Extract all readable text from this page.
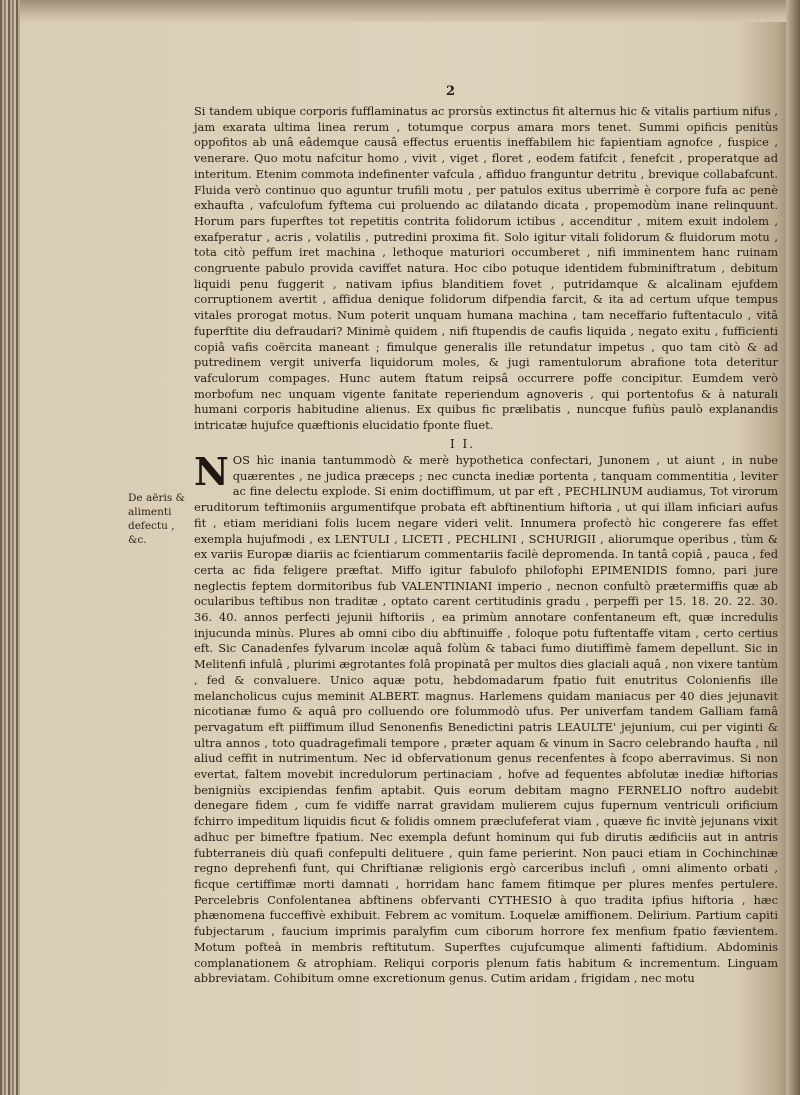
2

Si tandem ubique corporis fufflaminatus ac prorsùs extinctus fit alternus hic & vitalis partium nifus , jam exarata ultima linea rerum , totumque corpus amara mors tenet. Summi opificis penitùs oppofitos ab unâ eâdemque causâ effectus eruentis ineffabilem hic fapientiam agnofce , fuspice , venerare. Quo motu nafcitur homo , vivit , viget , floret , eodem fatifcit , fenefcit , properatque ad interitum. Etenim commota indefinenter vafcula , affiduo franguntur detritu , brevique collabafcunt. Fluida verò continuo quo aguntur trufili motu , per patulos exitus uberrimè è corpore fufa ac penè exhaufta , vafculofum fyftema cui proluendo ac dilatando dicata , propemodùm inane relinquunt. Horum pars fuperftes tot repetitis contrita folidorum ictibus , accenditur , mitem exuit indolem , exafperatur , acris , volatilis , putredini proxima fit. Solo igitur vitali folidorum & fluidorum motu , tota citò peffum iret machina , lethoque maturiori occumberet , nifi imminentem hanc ruinam congruente pabulo provida caviffet natura. Hoc cibo potuque identidem fubminiftratum , debitum liquidi penu fuggerit , nativam ipfius blanditiem fovet , putridamque & alcalinam ejufdem corruptionem avertit , affidua denique folidorum difpendia farcit, & ita ad certum ufque tempus vitales prorogat motus. Num poterit unquam humana machina , tam neceffario fuftentaculo , vitâ fuperftite diu defraudari? Minimè quidem , nifi ftupendis de caufis liquida , negato exitu , fufficienti copiâ vafis coërcita maneant ; fimulque generalis ille retundatur impetus , quo tam citò & ad putredinem vergit univerfa liquidorum moles, & jugi ramentulorum abrafione tota deteritur vafculorum compages. Hunc autem ftatum reipsâ occurrere poffe concipitur. Eumdem verò morbofum nec unquam vigente fanitate reperiendum agnoveris , qui portentofus & à naturali humani corporis habitudine alienus. Ex quibus fic prælibatis , nuncque fufiùs paulò explanandis intricatæ hujufce quæftionis elucidatio fponte fluet.

I I.
De aëris & alimenti defectu , &c.
N OS hìc inania tantummodò & merè hypothetica confectari, Junonem , ut aiunt , in nube quærentes , ne judica præceps ; nec cuncta inediæ portenta , tanquam commentitia , leviter ac fine delectu explode. Si enim doctiffimum, ut par eft , PECHLINUM audiamus, Tot virorum eruditorum teftimoniis argumentifque probata eft abftinentium hiftoria , ut qui illam inficiari aufus fit , etiam meridiani folis lucem negare videri velit. Innumera profectò hìc congerere fas effet exempla hujufmodi , ex LENTULI , LICETI , PECHLINI , SCHURIGII , aliorumque operibus , tùm & ex variis Europæ diariis ac fcientiarum commentariis facilè depromenda. In tantâ copiâ , pauca , fed certa ac fida feligere præftat. Miffo igitur fabulofo philofophi EPIMENIDIS fomno, pari jure neglectis feptem dormitoribus fub VALENTINIANI imperio , necnon confultò prætermiffis quæ ab ocularibus teftibus non traditæ , optato carent certitudinis gradu , perpeffi per 15. 18. 20. 22. 30. 36. 40. annos perfecti jejunii hiftoriis , ea primùm annotare confentaneum eft, quæ incredulis injucunda minùs. Plures ab omni cibo diu abftinuiffe , foloque potu fuftentaffe vitam , certo certius eft. Sic Canadenfes fylvarum incolæ aquâ folùm & tabaci fumo diutiffimè famem depellunt. Sic in Melitenfi infulâ , plurimi ægrotantes folâ propinatâ per multos dies glaciali aquâ , non vixere tantùm , fed & convaluere. Unico aquæ potu, hebdomadarum fpatio fuit enutritus Colonienfis ille melancholicus cujus meminit ALBERT. magnus. Harlemens quidam maniacus per 40 dies jejunavit nicotianæ fumo & aquâ pro colluendo ore folummodò ufus. Per univerfam tandem Galliam famâ pervagatum eft piiffimum illud Senonenfis Benedictini patris LEAULTE' jejunium, cui per viginti & ultra annos , toto quadragefimali tempore , præter aquam & vinum in Sacro celebrando haufta , nil aliud ceffit in nutrimentum. Nec id obfervationum genus recenfentes à fcopo aberravimus. Si non evertat, faltem movebit incredulorum pertinaciam , hofve ad fequentes abfolutæ inediæ hiftorias benigniùs excipiendas fenfim aptabit. Quis eorum debitam magno FERNELIO noftro audebit denegare fidem , cum fe vidiffe narrat gravidam mulierem cujus fupernum ventriculi orificium fchirro impeditum liquidis ficut & folidis omnem præclufeferat viam , quæve fic invitè jejunans vixit adhuc per bimeftre fpatium. Nec exempla defunt hominum qui fub dirutis ædificiis aut in antris fubterraneis diù quafi confepulti delituere , quin fame perierint. Non pauci etiam in Cochinchinæ regno deprehenfi funt, qui Chriftianæ religionis ergò carceribus inclufi , omni alimento orbati , ficque certiffimæ morti damnati , horridam hanc famem fitimque per plures menfes pertulere. Percelebris Confolentanea abftinens obfervanti CYTHESIO à quo tradita ipfius hiftoria , hæc phænomena fucceffivè exhibuit. Febrem ac vomitum. Loquelæ amiffionem. Delirium. Partium capiti fubjectarum , faucium imprimis paralyfim cum ciborum horrore fex menfium fpatio fævientem. Motum pofteà in membris reftitutum. Superftes cujufcumque alimenti faftidium. Abdominis complanationem & atrophiam. Reliqui corporis plenum fatis habitum & incrementum. Linguam abbreviatam. Cohibitum omne excretionum genus. Cutim aridam , frigidam , nec motu
